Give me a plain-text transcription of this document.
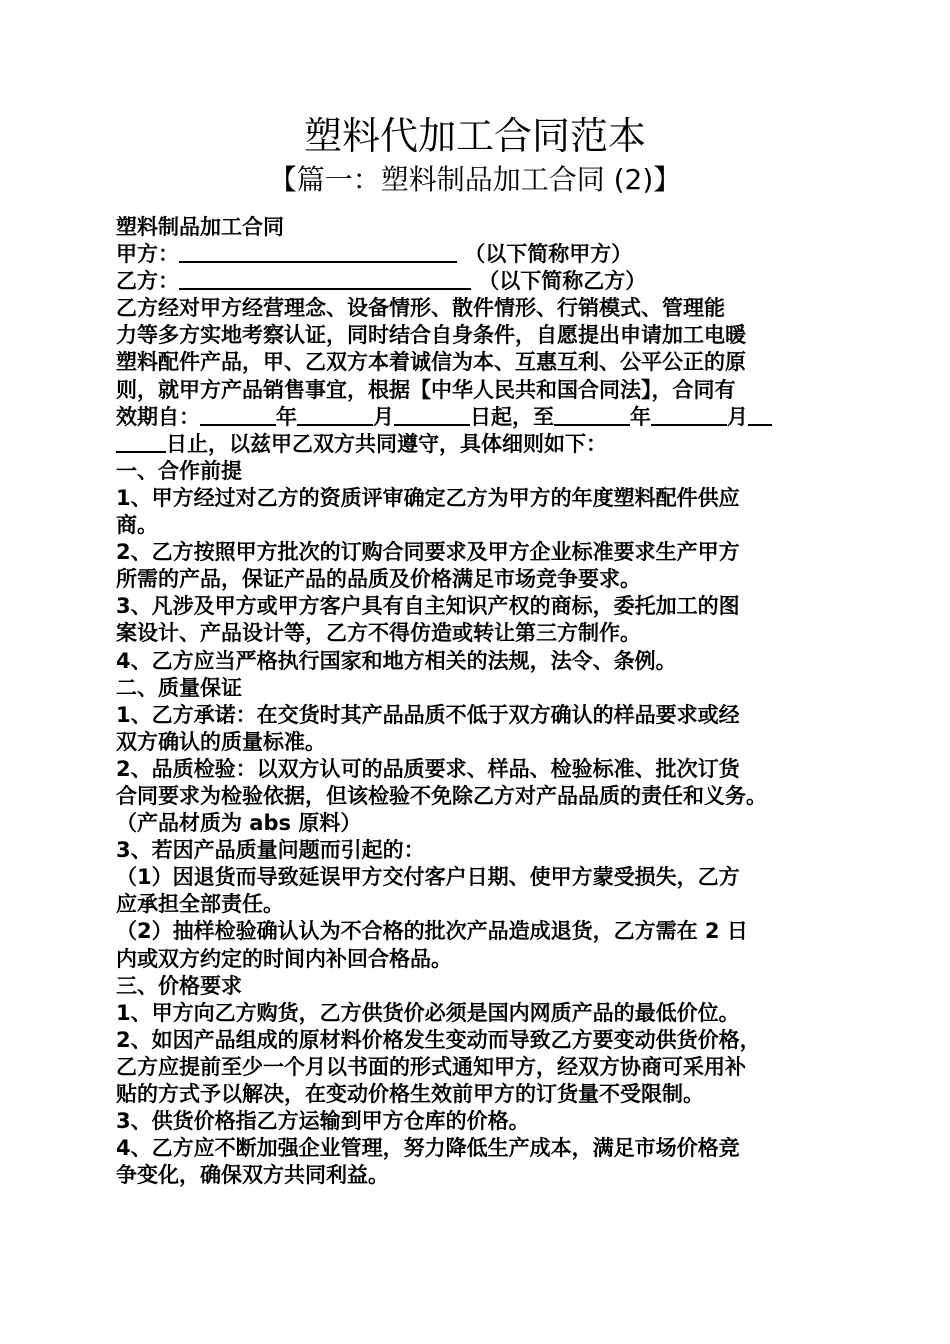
塑料代加工合同范本
【篇一：塑料制品加工合同 (2)】
塑料制品加工合同
甲方：	（以下简称甲方）
乙方：	（以下简称乙方）
乙方经对甲方经营理念、设备情形、散件情形、行销模式、管理能
力等多方实地考察认证，同时结合自身条件，自愿提出申请加工电暖
塑料配件产品，甲、乙双方本着诚信为本、互惠互利、公平公正的原
则，就甲方产品销售事宜，根据【中华人民共和国合同法】，合同有
效期自：	年	月	日起，至	年	月
日止，以兹甲乙双方共同遵守，具体细则如下：
一、合作前提
1、甲方经过对乙方的资质评审确定乙方为甲方的年度塑料配件供应
商。
2、乙方按照甲方批次的订购合同要求及甲方企业标准要求生产甲方
所需的产品，保证产品的品质及价格满足市场竞争要求。
3、凡涉及甲方或甲方客户具有自主知识产权的商标，委托加工的图
案设计、产品设计等，乙方不得仿造或转让第三方制作。
4、乙方应当严格执行国家和地方相关的法规，法令、条例。
二、质量保证
1、乙方承诺：在交货时其产品品质不低于双方确认的样品要求或经
双方确认的质量标准。
2、品质检验：以双方认可的品质要求、样品、检验标准、批次订货
合同要求为检验依据，但该检验不免除乙方对产品品质的责任和义务。
（产品材质为 abs 原料）
3、若因产品质量问题而引起的：
（1）因退货而导致延误甲方交付客户日期、使甲方蒙受损失，乙方
应承担全部责任。
（2）抽样检验确认认为不合格的批次产品造成退货，乙方需在 2 日
内或双方约定的时间内补回合格品。
三、价格要求
1、甲方向乙方购货，乙方供货价必须是国内网质产品的最低价位。
2、如因产品组成的原材料价格发生变动而导致乙方要变动供货价格，
乙方应提前至少一个月以书面的形式通知甲方，经双方协商可采用补
贴的方式予以解决，在变动价格生效前甲方的订货量不受限制。
3、供货价格指乙方运输到甲方仓库的价格。
4、乙方应不断加强企业管理，努力降低生产成本，满足市场价格竞
争变化，确保双方共同利益。
